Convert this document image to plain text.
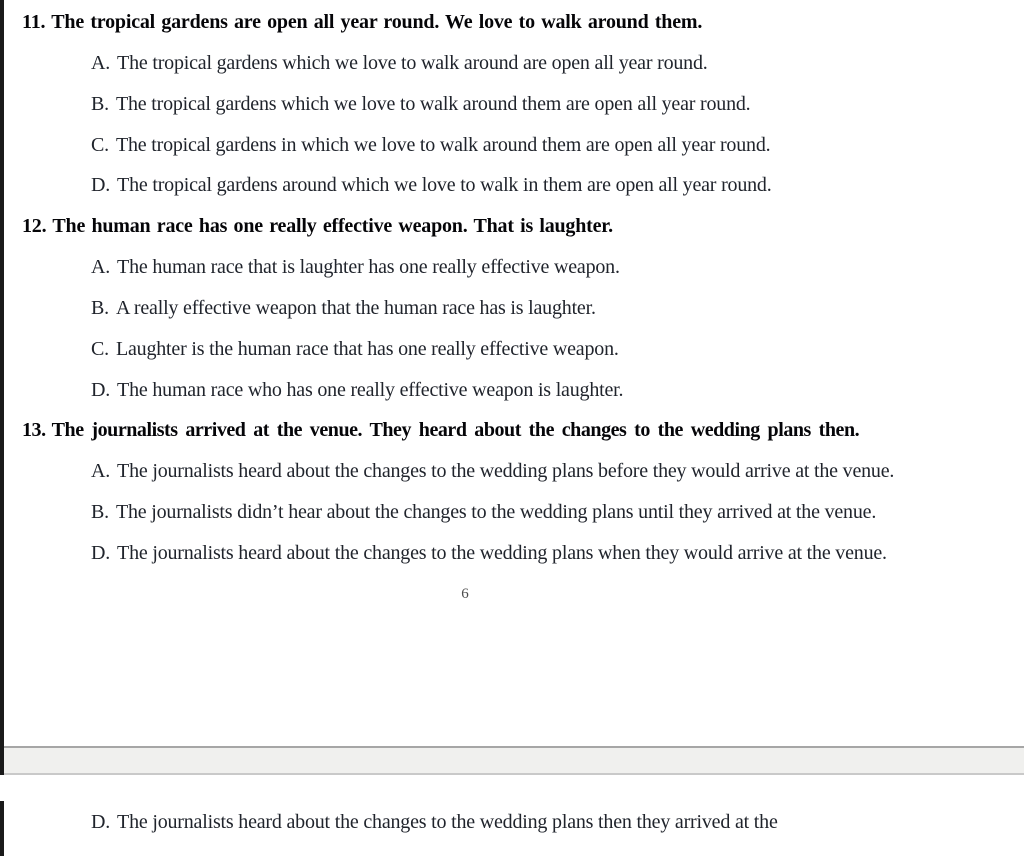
11. The tropical gardens are open all year round. We love to walk around them.

A. The tropical gardens which we love to walk around are open all year round.

B. The tropical gardens which we love to walk around them are open all year round.

C. The tropical gardens in which we love to walk around them are open all year round.

D. The tropical gardens around which we love to walk in them are open all year round.

12. The human race has one really effective weapon. That is laughter.

A. The human race that is laughter has one really effective weapon.

B. A really effective weapon that the human race has is laughter.

C. Laughter is the human race that has one really effective weapon.

D. The human race who has one really effective weapon is laughter.

13. The journalists arrived at the venue. They heard about the changes to the wedding plans then.

A. The journalists heard about the changes to the wedding plans before they would arrive at the venue.

B. The journalists didn’t hear about the changes to the wedding plans until they arrived at the venue.

D. The journalists heard about the changes to the wedding plans when they would arrive at the venue.

6

D. The journalists heard about the changes to the wedding plans then they arrived at the
